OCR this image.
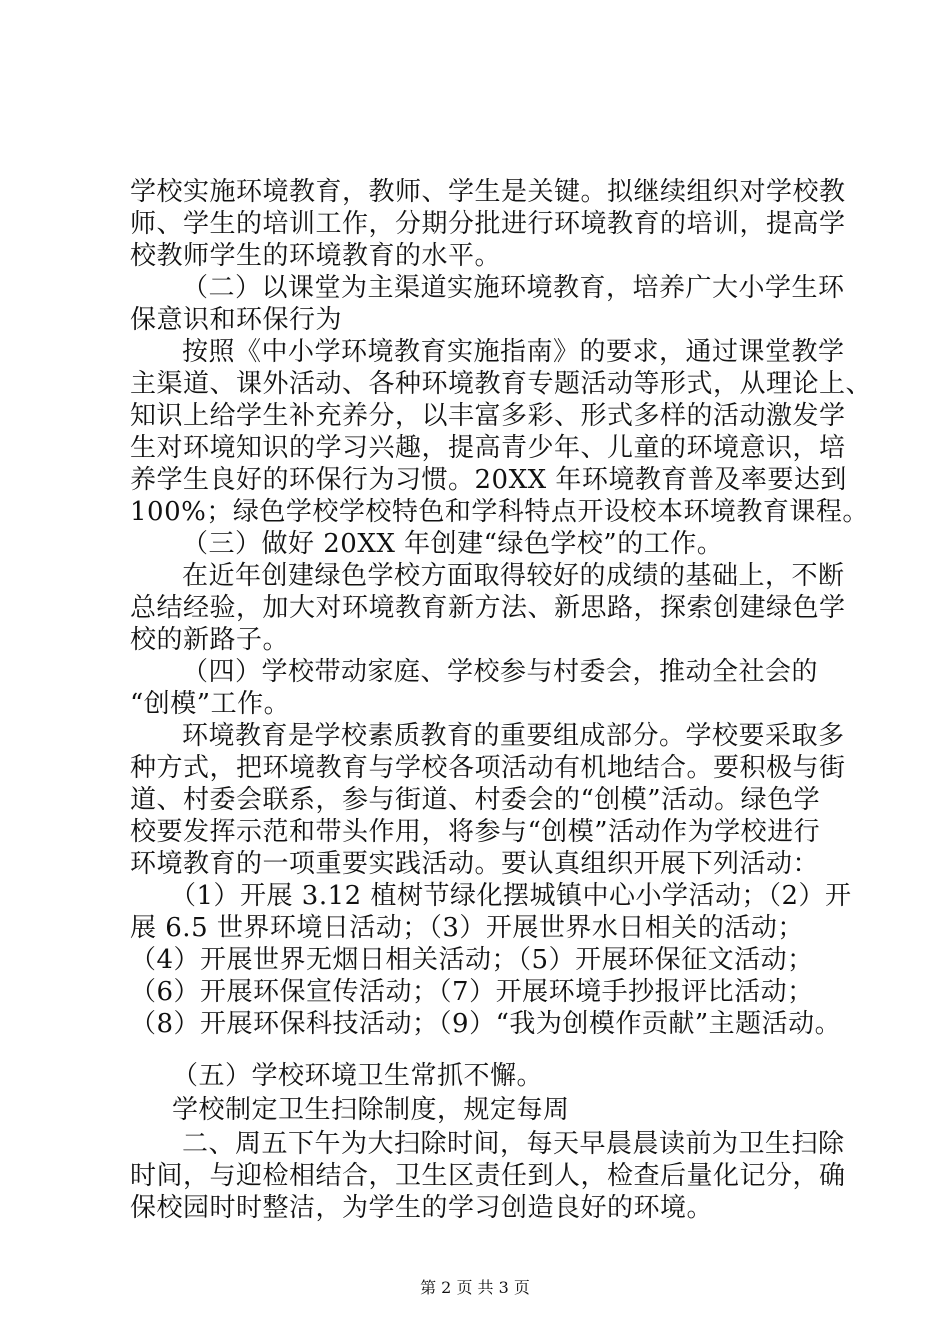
学校实施环境教育，教师、学生是关键。拟继续组织对学校教
师、学生的培训工作，分期分批进行环境教育的培训，提高学
校教师学生的环境教育的水平。
（二）以课堂为主渠道实施环境教育，培养广大小学生环
保意识和环保行为
按照《中小学环境教育实施指南》的要求，通过课堂教学
主渠道、课外活动、各种环境教育专题活动等形式，从理论上、
知识上给学生补充养分，以丰富多彩、形式多样的活动激发学
生对环境知识的学习兴趣，提高青少年、儿童的环境意识，培
养学生良好的环保行为习惯。20XX 年环境教育普及率要达到
100%；绿色学校学校特色和学科特点开设校本环境教育课程。
（三）做好 20XX 年创建“绿色学校”的工作。
在近年创建绿色学校方面取得较好的成绩的基础上，不断
总结经验，加大对环境教育新方法、新思路，探索创建绿色学
校的新路子。
（四）学校带动家庭、学校参与村委会，推动全社会的
“创模”工作。
环境教育是学校素质教育的重要组成部分。学校要采取多
种方式，把环境教育与学校各项活动有机地结合。要积极与街
道、村委会联系，参与街道、村委会的“创模”活动。绿色学
校要发挥示范和带头作用，将参与“创模”活动作为学校进行
环境教育的一项重要实践活动。要认真组织开展下列活动：
（1）开展 3.12 植树节绿化摆城镇中心小学活动；（2）开
展 6.5 世界环境日活动；（3）开展世界水日相关的活动；
（4）开展世界无烟日相关活动；（5）开展环保征文活动；
（6）开展环保宣传活动；（7）开展环境手抄报评比活动；
（8）开展环保科技活动；（9）“我为创模作贡献”主题活动。
（五）学校环境卫生常抓不懈。
学校制定卫生扫除制度，规定每周
二、周五下午为大扫除时间，每天早晨晨读前为卫生扫除
时间，与迎检相结合，卫生区责任到人，检查后量化记分，确
保校园时时整洁，为学生的学习创造良好的环境。
第 2 页 共 3 页
